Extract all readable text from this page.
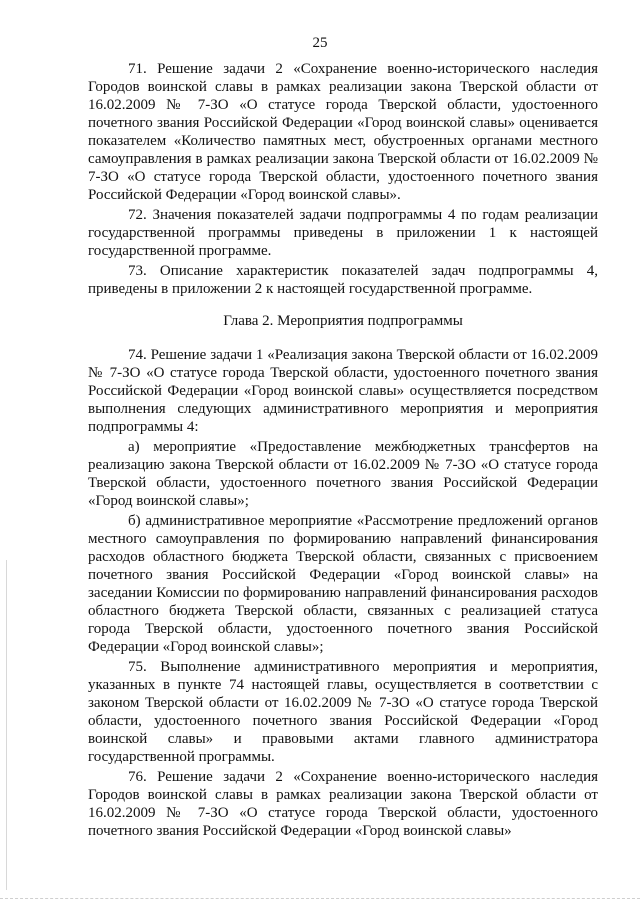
25

71. Решение задачи 2 «Сохранение военно-исторического наследия Городов воинской славы в рамках реализации закона Тверской области от 16.02.2009 № 7-ЗО «О статусе города Тверской области, удостоенного почетного звания Российской Федерации «Город воинской славы» оценивается показателем «Количество памятных мест, обустроенных органами местного самоуправления в рамках реализации закона Тверской области от 16.02.2009 № 7-ЗО «О статусе города Тверской области, удостоенного почетного звания Российской Федерации «Город воинской славы».

72. Значения показателей задачи подпрограммы 4 по годам реализации государственной программы приведены в приложении 1 к настоящей государственной программе.

73. Описание характеристик показателей задач подпрограммы 4, приведены в приложении 2 к настоящей государственной программе.

Глава 2. Мероприятия подпрограммы

74. Решение задачи 1 «Реализация закона Тверской области от 16.02.2009 № 7-ЗО «О статусе города Тверской области, удостоенного почетного звания Российской Федерации «Город воинской славы» осуществляется посредством выполнения следующих административного мероприятия и мероприятия подпрограммы 4:

а) мероприятие «Предоставление межбюджетных трансфертов на реализацию закона Тверской области от 16.02.2009 № 7-ЗО «О статусе города Тверской области, удостоенного почетного звания Российской Федерации «Город воинской славы»;

б) административное мероприятие «Рассмотрение предложений органов местного самоуправления по формированию направлений финансирования расходов областного бюджета Тверской области, связанных с присвоением почетного звания Российской Федерации «Город воинской славы» на заседании Комиссии по формированию направлений финансирования расходов областного бюджета Тверской области, связанных с реализацией статуса города Тверской области, удостоенного почетного звания Российской Федерации «Город воинской славы»;

75. Выполнение административного мероприятия и мероприятия, указанных в пункте 74 настоящей главы, осуществляется в соответствии с законом Тверской области от 16.02.2009 № 7-ЗО «О статусе города Тверской области, удостоенного почетного звания Российской Федерации «Город воинской славы» и правовыми актами главного администратора государственной программы.

76. Решение задачи 2 «Сохранение военно-исторического наследия Городов воинской славы в рамках реализации закона Тверской области от 16.02.2009 № 7-ЗО «О статусе города Тверской области, удостоенного почетного звания Российской Федерации «Город воинской славы»
